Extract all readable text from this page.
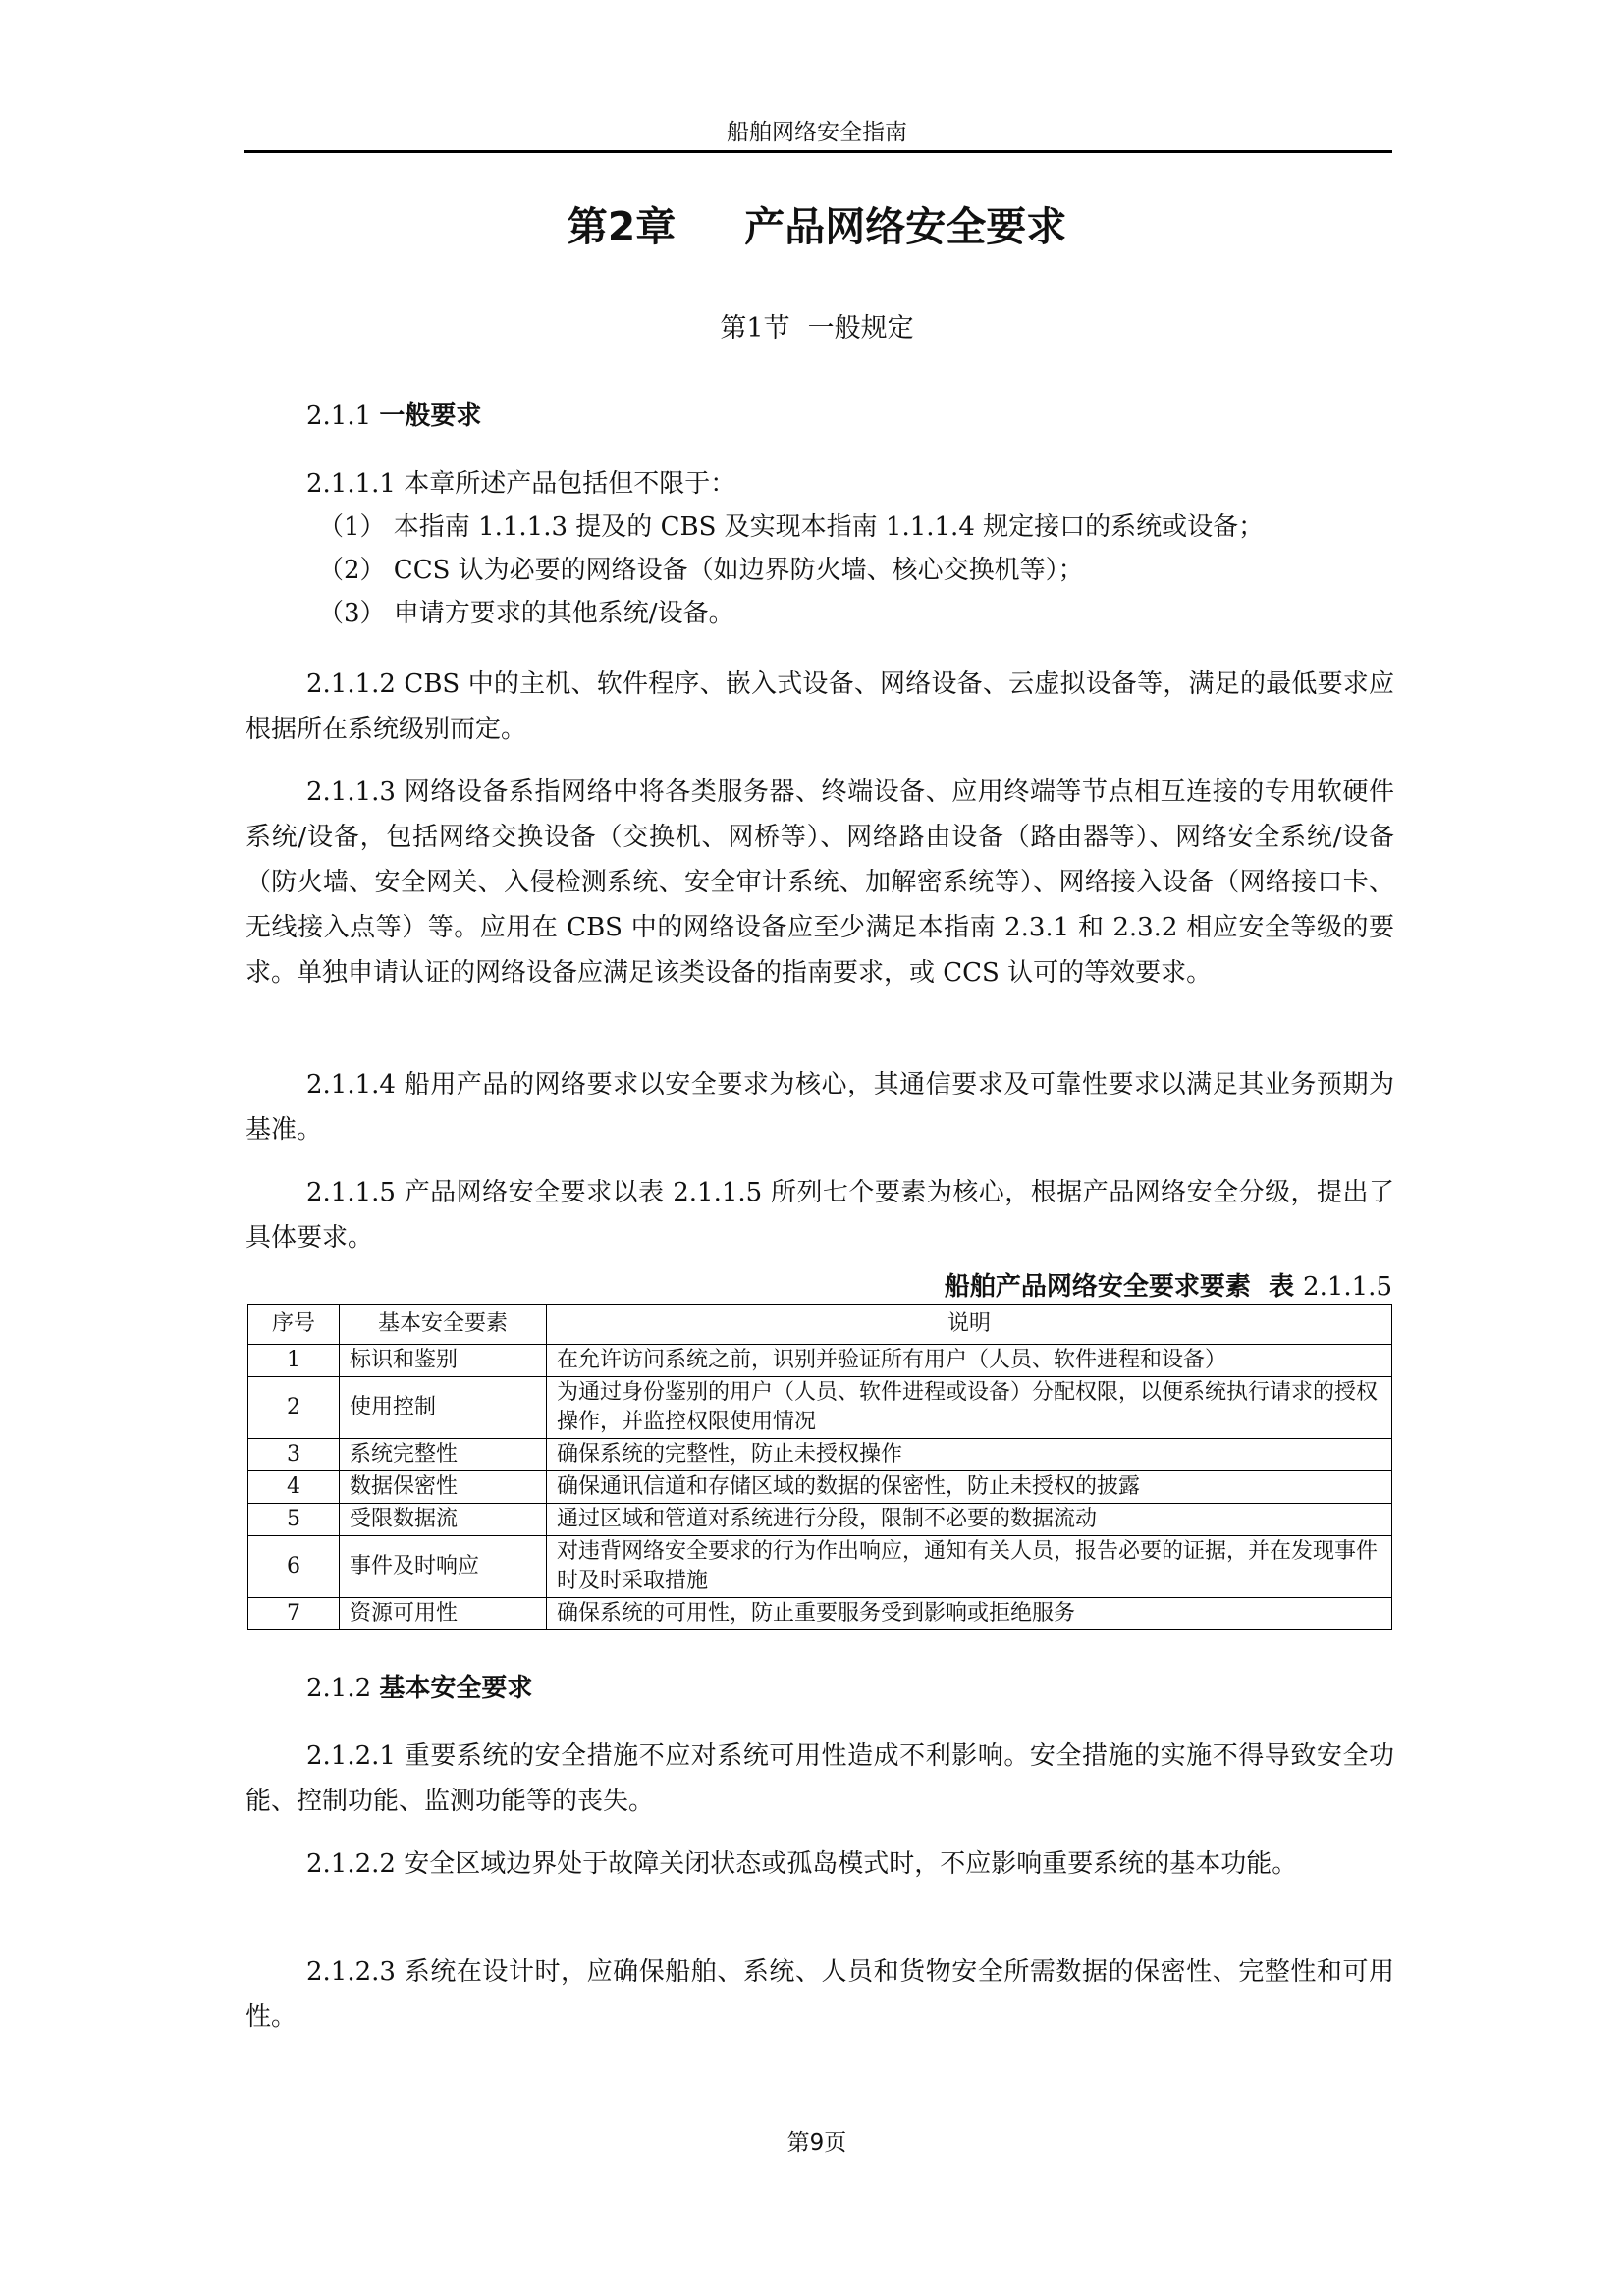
船舶网络安全指南
第2章 产品网络安全要求
第1节 一般规定
2.1.1 一般要求
2.1.1.1 本章所述产品包括但不限于：
（1） 本指南 1.1.1.3 提及的 CBS 及实现本指南 1.1.1.4 规定接口的系统或设备；
（2） CCS 认为必要的网络设备（如边界防火墙、核心交换机等）；
（3） 申请方要求的其他系统/设备。

2.1.1.2 CBS 中的主机、软件程序、嵌入式设备、网络设备、云虚拟设备等，满足的最低要求应根据所在系统级别而定。

2.1.1.3 网络设备系指网络中将各类服务器、终端设备、应用终端等节点相互连接的专用软硬件系统/设备，包括网络交换设备（交换机、网桥等）、网络路由设备（路由器等）、网络安全系统/设备（防火墙、安全网关、入侵检测系统、安全审计系统、加解密系统等）、网络接入设备（网络接口卡、无线接入点等）等。应用在 CBS 中的网络设备应至少满足本指南 2.3.1 和 2.3.2 相应安全等级的要求。单独申请认证的网络设备应满足该类设备的指南要求，或 CCS 认可的等效要求。

2.1.1.4 船用产品的网络要求以安全要求为核心，其通信要求及可靠性要求以满足其业务预期为基准。

2.1.1.5 产品网络安全要求以表 2.1.1.5 所列七个要素为核心，根据产品网络安全分级，提出了具体要求。

船舶产品网络安全要求要素 表 2.1.1.5
序号	基本安全要素	说明
1	标识和鉴别	在允许访问系统之前，识别并验证所有用户（人员、软件进程和设备）
2	使用控制	为通过身份鉴别的用户（人员、软件进程或设备）分配权限，以便系统执行请求的授权操作，并监控权限使用情况
3	系统完整性	确保系统的完整性，防止未授权操作
4	数据保密性	确保通讯信道和存储区域的数据的保密性，防止未授权的披露
5	受限数据流	通过区域和管道对系统进行分段，限制不必要的数据流动
6	事件及时响应	对违背网络安全要求的行为作出响应，通知有关人员，报告必要的证据，并在发现事件时及时采取措施
7	资源可用性	确保系统的可用性，防止重要服务受到影响或拒绝服务
2.1.2 基本安全要求

2.1.2.1 重要系统的安全措施不应对系统可用性造成不利影响。安全措施的实施不得导致安全功能、控制功能、监测功能等的丧失。

2.1.2.2 安全区域边界处于故障关闭状态或孤岛模式时，不应影响重要系统的基本功能。

2.1.2.3 系统在设计时，应确保船舶、系统、人员和货物安全所需数据的保密性、完整性和可用性。

第9页
